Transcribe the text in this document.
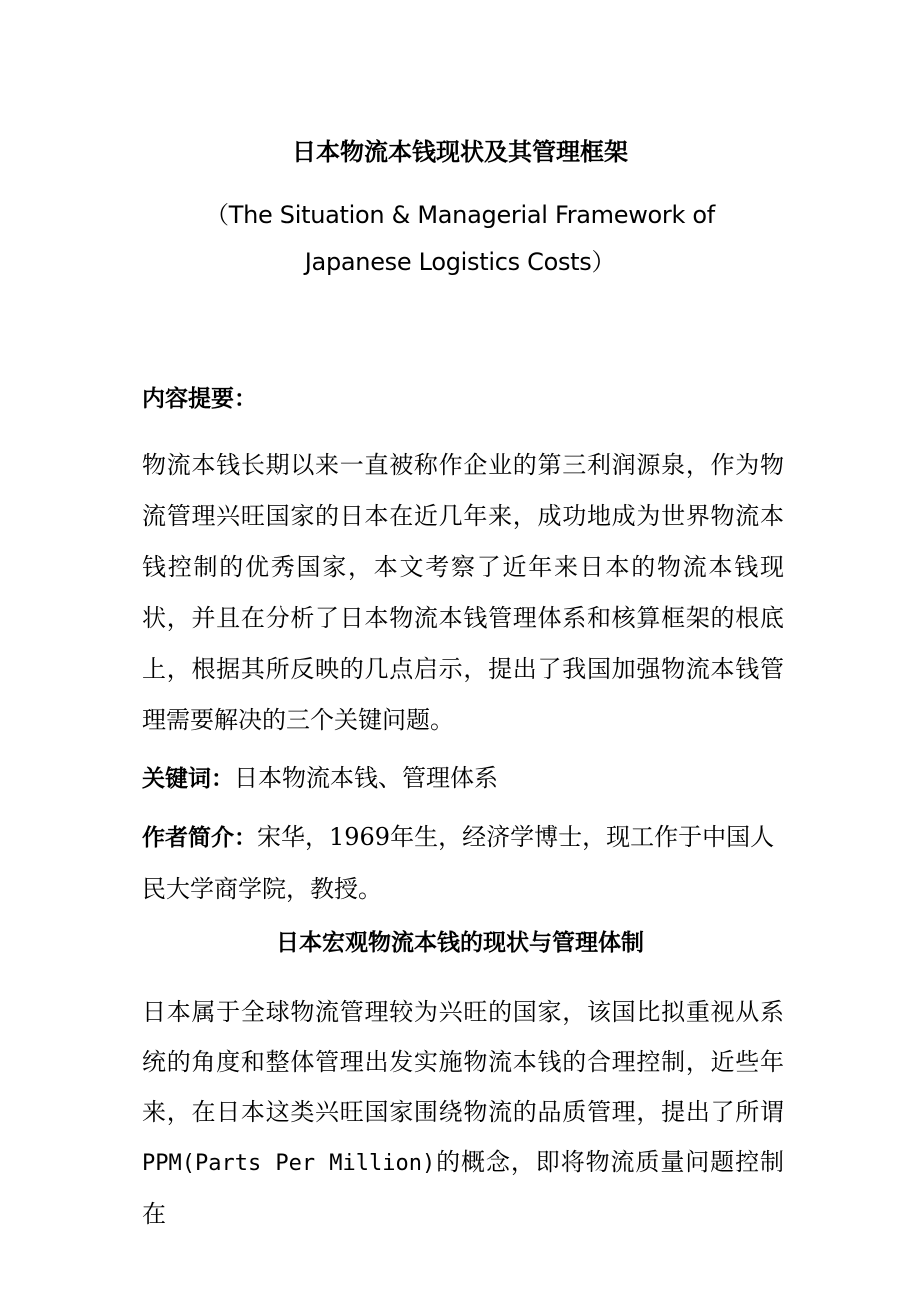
日本物流本钱现状及其管理框架
（The Situation & Managerial Framework of Japanese Logistics Costs）
内容提要：

物流本钱长期以来一直被称作企业的第三利润源泉，作为物流管理兴旺国家的日本在近几年来，成功地成为世界物流本钱控制的优秀国家，本文考察了近年来日本的物流本钱现状，并且在分析了日本物流本钱管理体系和核算框架的根底上，根据其所反映的几点启示，提出了我国加强物流本钱管理需要解决的三个关键问题。

关键词：日本物流本钱、管理体系
作者简介：宋华，1969年生，经济学博士，现工作于中国人民大学商学院，教授。
日本宏观物流本钱的现状与管理体制
日本属于全球物流管理较为兴旺的国家，该国比拟重视从系统的角度和整体管理出发实施物流本钱的合理控制，近些年来，在日本这类兴旺国家围绕物流的品质管理，提出了所谓PPM(Parts Per Million)的概念，即将物流质量问题控制在
